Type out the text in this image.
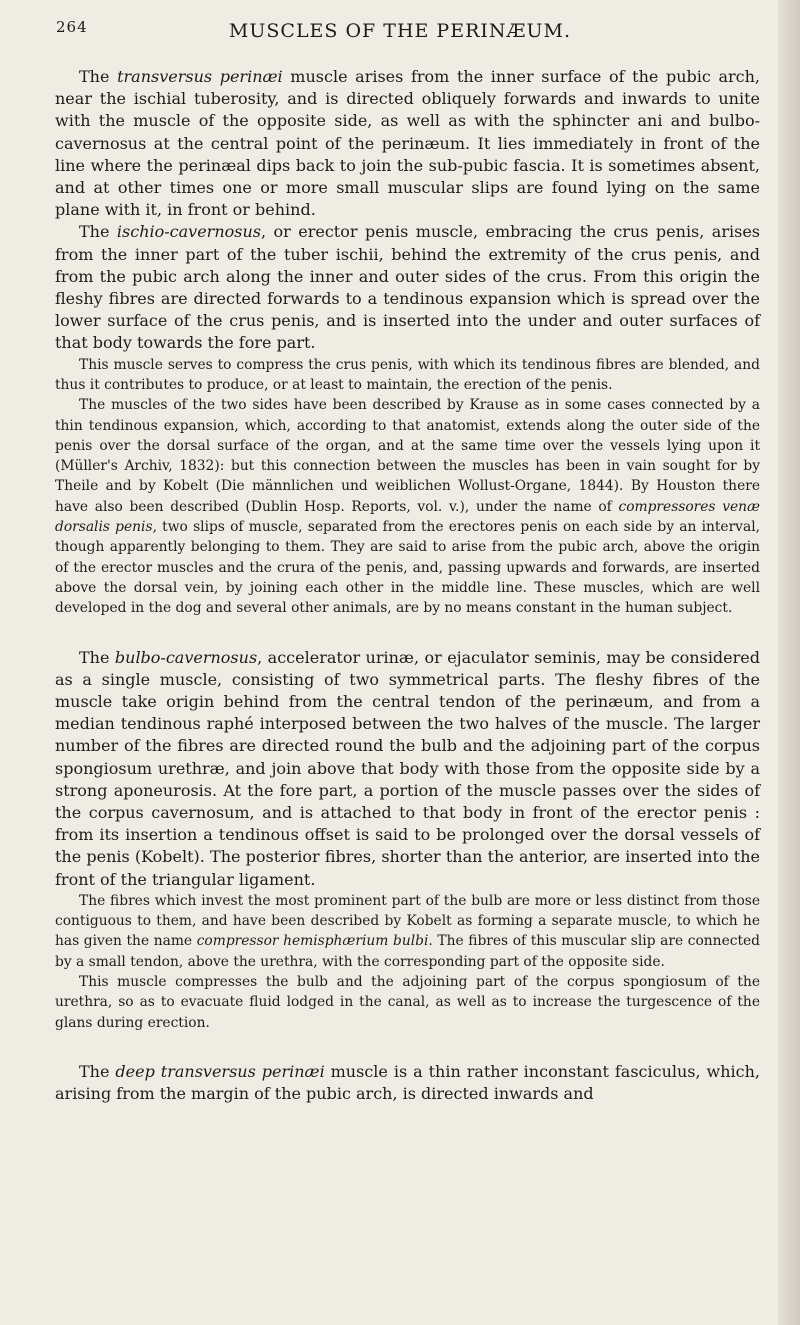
264	MUSCLES OF THE PERINÆUM.

The transversus perinæi muscle arises from the inner surface of the pubic arch, near the ischial tuberosity, and is directed obliquely forwards and inwards to unite with the muscle of the opposite side, as well as with the sphincter ani and bulbo-cavernosus at the central point of the perinæum. It lies immediately in front of the line where the perinæal dips back to join the sub-pubic fascia. It is sometimes absent, and at other times one or more small muscular slips are found lying on the same plane with it, in front or behind.

The ischio-cavernosus, or erector penis muscle, embracing the crus penis, arises from the inner part of the tuber ischii, behind the extremity of the crus penis, and from the pubic arch along the inner and outer sides of the crus. From this origin the fleshy fibres are directed forwards to a tendinous expansion which is spread over the lower surface of the crus penis, and is inserted into the under and outer surfaces of that body towards the fore part.

This muscle serves to compress the crus penis, with which its tendinous fibres are blended, and thus it contributes to produce, or at least to maintain, the erection of the penis.

The muscles of the two sides have been described by Krause as in some cases connected by a thin tendinous expansion, which, according to that anatomist, extends along the outer side of the penis over the dorsal surface of the organ, and at the same time over the vessels lying upon it (Müller's Archiv, 1832): but this connection between the muscles has been in vain sought for by Theile and by Kobelt (Die männlichen und weiblichen Wollust-Organe, 1844). By Houston there have also been described (Dublin Hosp. Reports, vol. v.), under the name of compressores venæ dorsalis penis, two slips of muscle, separated from the erectores penis on each side by an interval, though apparently belonging to them. They are said to arise from the pubic arch, above the origin of the erector muscles and the crura of the penis, and, passing upwards and forwards, are inserted above the dorsal vein, by joining each other in the middle line. These muscles, which are well developed in the dog and several other animals, are by no means constant in the human subject.

The bulbo-cavernosus, accelerator urinæ, or ejaculator seminis, may be considered as a single muscle, consisting of two symmetrical parts. The fleshy fibres of the muscle take origin behind from the central tendon of the perinæum, and from a median tendinous raphé interposed between the two halves of the muscle. The larger number of the fibres are directed round the bulb and the adjoining part of the corpus spongiosum urethræ, and join above that body with those from the opposite side by a strong aponeurosis. At the fore part, a portion of the muscle passes over the sides of the corpus cavernosum, and is attached to that body in front of the erector penis : from its insertion a tendinous offset is said to be prolonged over the dorsal vessels of the penis (Kobelt). The posterior fibres, shorter than the anterior, are inserted into the front of the triangular ligament.

The fibres which invest the most prominent part of the bulb are more or less distinct from those contiguous to them, and have been described by Kobelt as forming a separate muscle, to which he has given the name compressor hemisphærium bulbi. The fibres of this muscular slip are connected by a small tendon, above the urethra, with the corresponding part of the opposite side.

This muscle compresses the bulb and the adjoining part of the corpus spongiosum of the urethra, so as to evacuate fluid lodged in the canal, as well as to increase the turgescence of the glans during erection.

The deep transversus perinæi muscle is a thin rather inconstant fasciculus, which, arising from the margin of the pubic arch, is directed inwards and
